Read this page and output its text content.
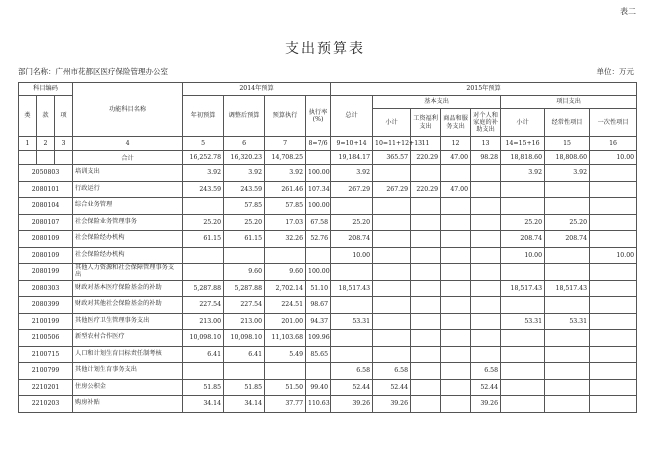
表二
支出预算表
部门名称：广州市花都区医疗保险管理办公室	单位：万元
科目编码			功能科目名称	2014年预算				2015年预算							
类	款	项		年初预算	调整后预算	预算执行	执行率(%)	总计	基本支出				项目支出		
									小计	工资福利支出	商品和服务支出	对个人和家庭的补助支出	小计	经常性项目	一次性项目
1	2	3	4	5	6	7	8=7/6	9=10+14	10=11+12+13	11	12	13	14=15+16	15	16
			合计	16,252.78	16,320.23	14,708.25		19,184.17	365.57	220.29	47.00	98.28	18,818.60	18,808.60	10.00
2050803			培训支出	3.92	3.92	3.92	100.00	3.92					3.92	3.92	
2080101			行政运行	243.59	243.59	261.46	107.34	267.29	267.29	220.29	47.00				
2080104			综合业务管理		57.85	57.85	100.00								
2080107			社会保险业务管理事务	25.20	25.20	17.03	67.58	25.20					25.20	25.20	
2080109			社会保险经办机构	61.15	61.15	32.26	52.76	208.74					208.74	208.74	
2080109			社会保险经办机构					10.00					10.00		10.00
2080199			其他人力资源和社会保障管理事务支出		9.60	9.60	100.00								
2080303			财政对基本医疗保险基金的补助	5,287.88	5,287.88	2,702.14	51.10	18,517.43					18,517.43	18,517.43	
2080399			财政对其他社会保险基金的补助	227.54	227.54	224.51	98.67								
2100199			其他医疗卫生管理事务支出	213.00	213.00	201.00	94.37	53.31					53.31	53.31	
2100506			新型农村合作医疗	10,098.10	10,098.10	11,103.68	109.96								
2100715			人口和计划生育目标责任制考核	6.41	6.41	5.49	85.65								
2100799			其他计划生育事务支出					6.58	6.58			6.58			
2210201			住房公积金	51.85	51.85	51.50	99.40	52.44	52.44			52.44			
2210203			购房补贴	34.14	34.14	37.77	110.63	39.26	39.26			39.26			
